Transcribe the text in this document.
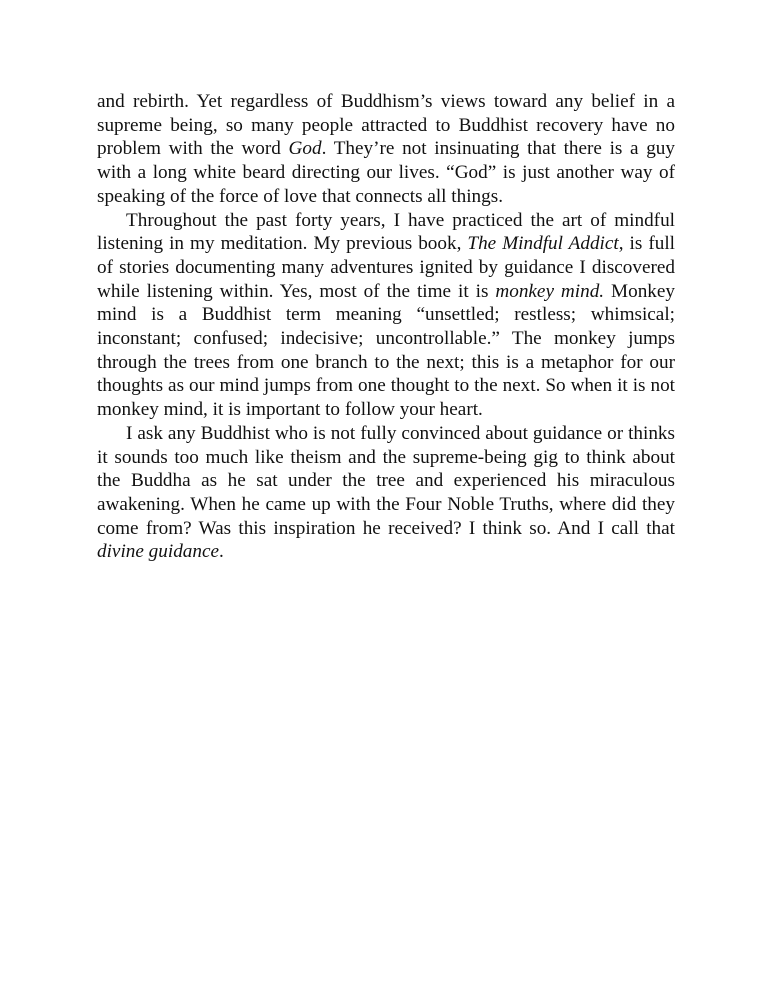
and rebirth. Yet regardless of Buddhism’s views toward any belief in a supreme being, so many people attracted to Buddhist recovery have no problem with the word God. They’re not insinuating that there is a guy with a long white beard directing our lives. “God” is just another way of speaking of the force of love that connects all things.

Throughout the past forty years, I have practiced the art of mindful listening in my meditation. My previous book, The Mindful Addict, is full of stories documenting many adventures ignited by guidance I discovered while listening within. Yes, most of the time it is monkey mind. Monkey mind is a Buddhist term meaning “unsettled; restless; whimsical; inconstant; confused; indecisive; uncontrollable.” The monkey jumps through the trees from one branch to the next; this is a metaphor for our thoughts as our mind jumps from one thought to the next. So when it is not monkey mind, it is important to follow your heart.

I ask any Buddhist who is not fully convinced about guidance or thinks it sounds too much like theism and the supreme-being gig to think about the Buddha as he sat under the tree and experienced his miraculous awakening. When he came up with the Four Noble Truths, where did they come from? Was this inspiration he received? I think so. And I call that divine guidance.
